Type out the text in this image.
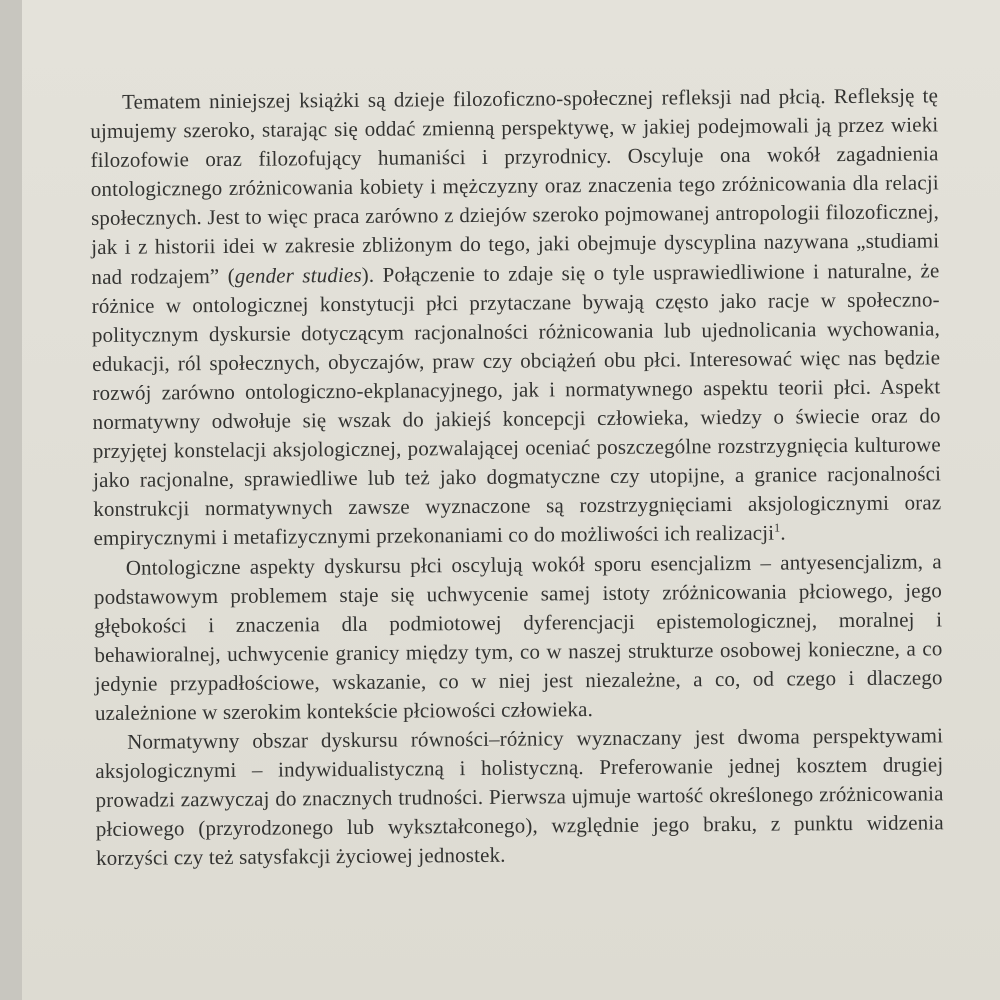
Tematem niniejszej książki są dzieje filozoficzno-społecznej refleksji nad płcią. Refleksję tę ujmujemy szeroko, starając się oddać zmienną perspektywę, w jakiej podejmowali ją przez wieki filozofowie oraz filozofujący humaniści i przyrodnicy. Oscyluje ona wokół zagadnienia ontologicznego zróżnicowania kobiety i mężczyzny oraz znaczenia tego zróżnicowania dla relacji społecznych. Jest to więc praca zarówno z dziejów szeroko pojmowanej antropologii filozoficznej, jak i z historii idei w zakresie zbliżonym do tego, jaki obejmuje dyscyplina nazywana „studiami nad rodzajem” (gender studies). Połączenie to zdaje się o tyle usprawiedliwione i naturalne, że różnice w ontologicznej konstytucji płci przytaczane bywają często jako racje w społeczno-politycznym dyskursie dotyczącym racjonalności różnicowania lub ujednolicania wychowania, edukacji, ról społecznych, obyczajów, praw czy obciążeń obu płci. Interesować więc nas będzie rozwój zarówno ontologiczno-ekplanacyjnego, jak i normatywnego aspektu teorii płci. Aspekt normatywny odwołuje się wszak do jakiejś koncepcji człowieka, wiedzy o świecie oraz do przyjętej konstelacji aksjologicznej, pozwalającej oceniać poszczególne rozstrzygnięcia kulturowe jako racjonalne, sprawiedliwe lub też jako dogmatyczne czy utopijne, a granice racjonalności konstrukcji normatywnych zawsze wyznaczone są rozstrzygnięciami aksjologicznymi oraz empirycznymi i metafizycznymi przekonaniami co do możliwości ich realizacji$^1$.

Ontologiczne aspekty dyskursu płci oscylują wokół sporu esencjalizm – antyesencjalizm, a podstawowym problemem staje się uchwycenie samej istoty zróżnicowania płciowego, jego głębokości i znaczenia dla podmiotowej dyferencjacji epistemologicznej, moralnej i behawioralnej, uchwycenie granicy między tym, co w naszej strukturze osobowej konieczne, a co jedynie przypadłościowe, wskazanie, co w niej jest niezależne, a co, od czego i dlaczego uzależnione w szerokim kontekście płciowości człowieka.

Normatywny obszar dyskursu równości–różnicy wyznaczany jest dwoma perspektywami aksjologicznymi – indywidualistyczną i holistyczną. Preferowanie jednej kosztem drugiej prowadzi zazwyczaj do znacznych trudności. Pierwsza ujmuje wartość określonego zróżnicowania płciowego (przyrodzonego lub wykształconego), względnie jego braku, z punktu widzenia korzyści czy też satysfakcji życiowej jednostek.
